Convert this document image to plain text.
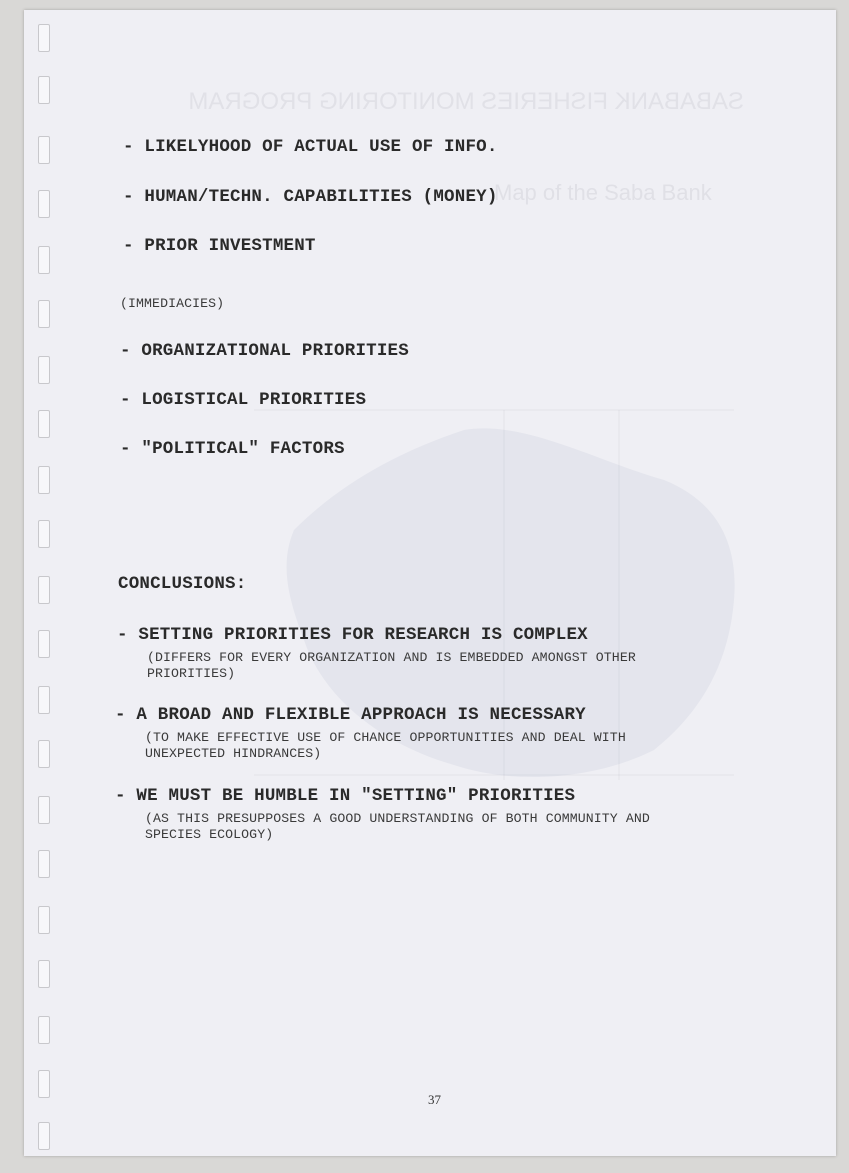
SABABANK FISHERIES MONITORING PROGRAM
Map of the Saba Bank
- LIKELYHOOD OF ACTUAL USE OF INFO.
- HUMAN/TECHN. CAPABILITIES (MONEY)
- PRIOR INVESTMENT
(IMMEDIACIES)
- ORGANIZATIONAL PRIORITIES
- LOGISTICAL PRIORITIES
- "POLITICAL" FACTORS
CONCLUSIONS:
- SETTING PRIORITIES FOR RESEARCH IS COMPLEX
(DIFFERS FOR EVERY ORGANIZATION AND IS EMBEDDED AMONGST OTHER
PRIORITIES)
- A BROAD AND FLEXIBLE APPROACH IS NECESSARY
(TO MAKE EFFECTIVE USE OF CHANCE OPPORTUNITIES AND DEAL WITH
UNEXPECTED HINDRANCES)
- WE MUST BE HUMBLE IN "SETTING" PRIORITIES
(AS THIS PRESUPPOSES A GOOD UNDERSTANDING OF BOTH COMMUNITY AND
SPECIES ECOLOGY)
37
